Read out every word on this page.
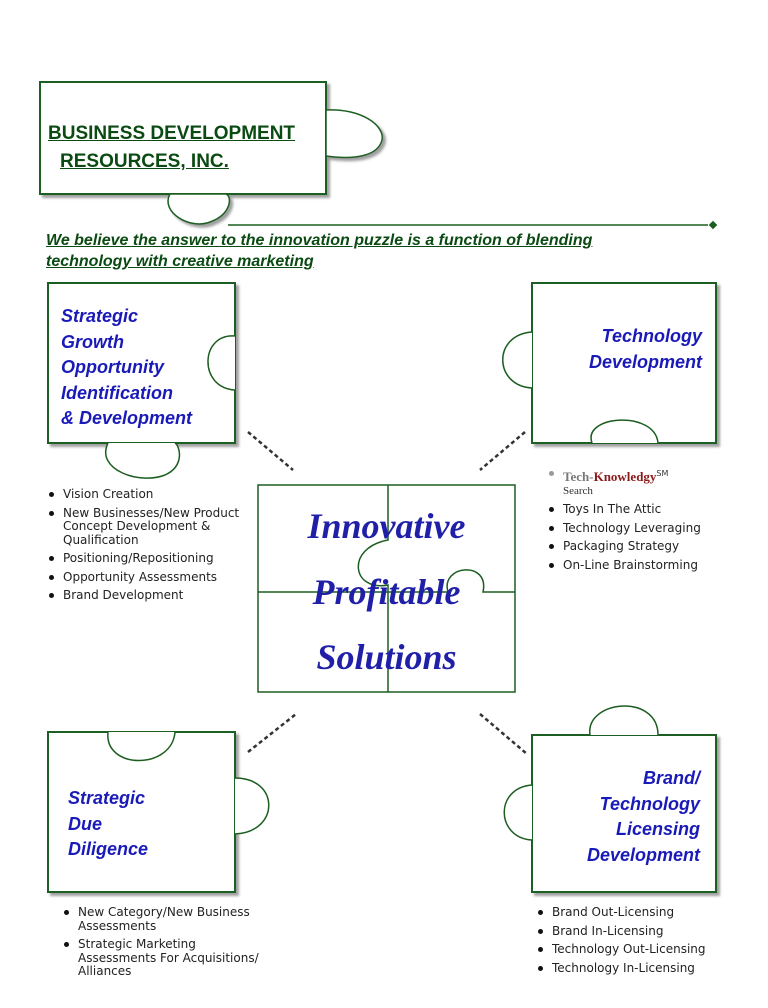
BUSINESS DEVELOPMENT
RESOURCES, INC.
We believe the answer to the innovation puzzle is a function of blending
technology with creative marketing
Strategic
Growth
Opportunity
Identification
& Development
Technology
Development
Strategic
Due
Diligence
Brand/
Technology
Licensing
Development
Innovative
Profitable
Solutions
Vision Creation
New Businesses/New Product Concept Development & Qualification
Positioning/Repositioning
Opportunity Assessments
Brand Development
Tech-Knowledgy℠
Search
Toys In The Attic
Technology Leveraging
Packaging Strategy
On-Line Brainstorming
New Category/New Business Assessments
Strategic Marketing Assessments For Acquisitions/ Alliances
Brand Out-Licensing
Brand In-Licensing
Technology Out-Licensing
Technology In-Licensing
